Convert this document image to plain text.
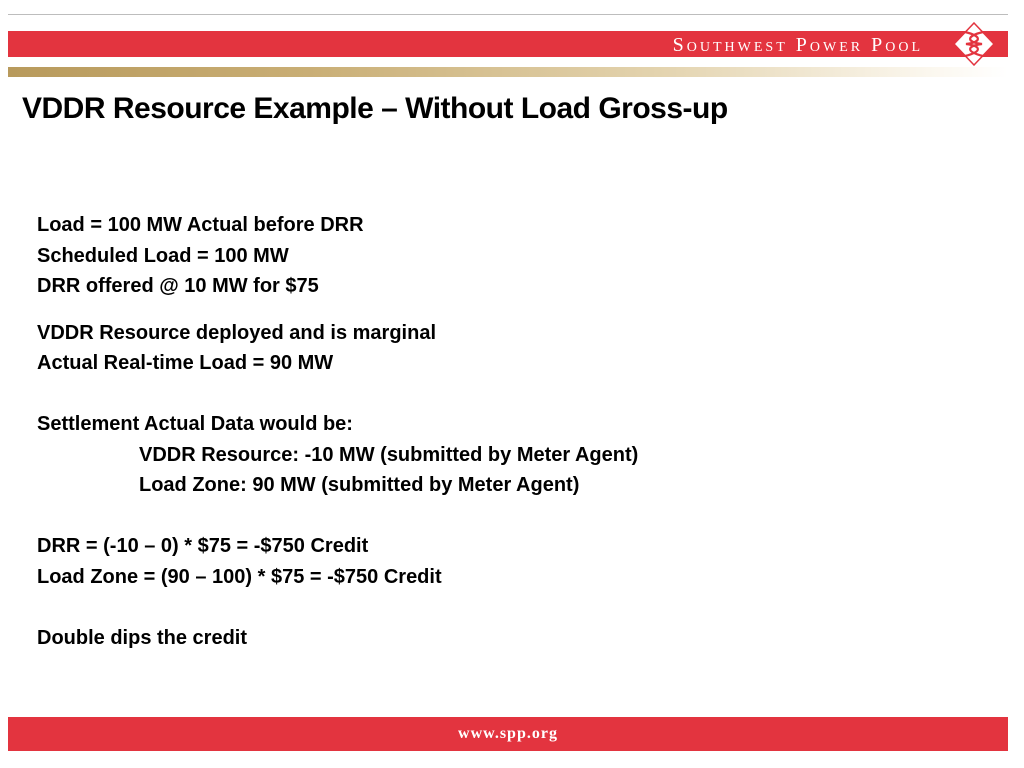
Southwest Power Pool
VDDR Resource Example – Without Load Gross-up
Load = 100 MW Actual before DRR
Scheduled Load = 100 MW
DRR offered @ 10 MW for $75
VDDR Resource deployed and is marginal
Actual Real-time Load = 90 MW
Settlement Actual Data would be:
VDDR Resource: -10 MW (submitted by Meter Agent)
Load Zone: 90 MW (submitted by Meter Agent)
DRR = (-10 – 0) * $75 = -$750 Credit
Load Zone = (90 – 100) * $75 = -$750 Credit
Double dips the credit
www.spp.org
